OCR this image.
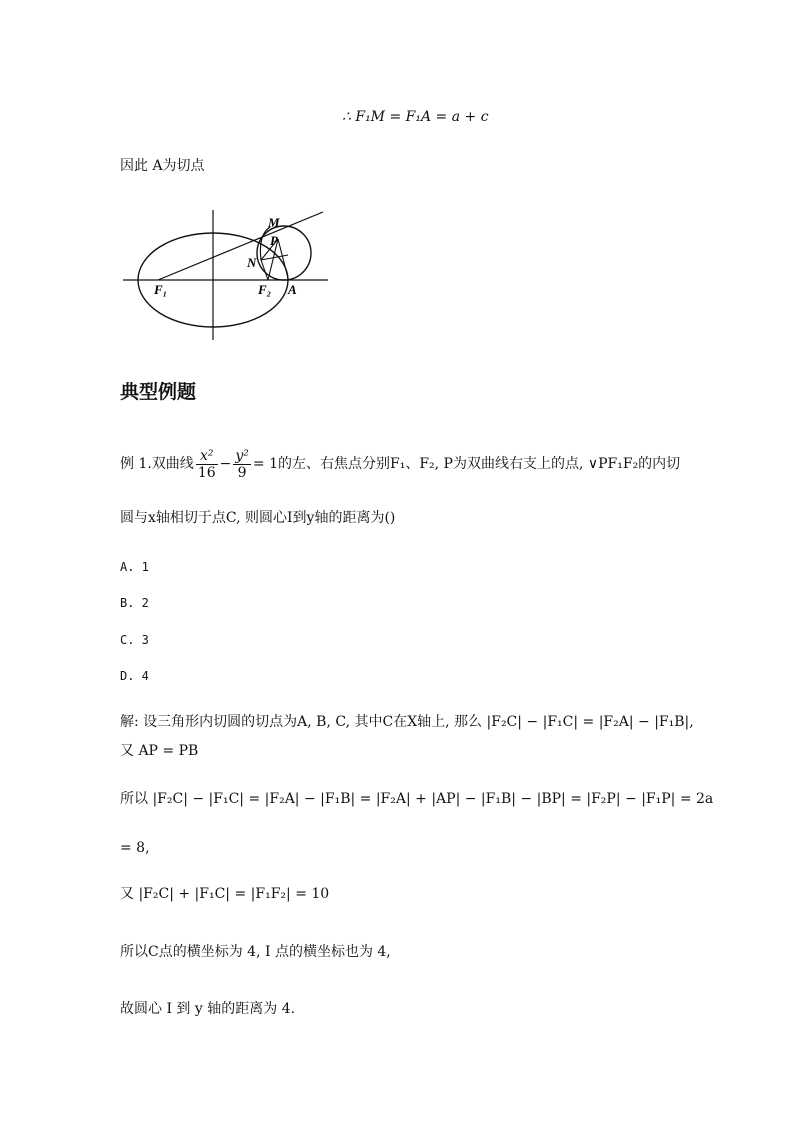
∴ F₁M = F₁A = a + c
因此 A为切点
M
P
N
F₁	F₂ A
典型例题
例 1.双曲线 $\frac{\text{x²}}{16} - \frac{\text{y²}}{9} = 1$的左、右焦点分别F₁、F₂, P为双曲线右支上的点, ∨PF₁F₂的内切
圆与x轴相切于点C, 则圆心I到y轴的距离为()
A. 1
B. 2
C. 3
D. 4
解: 设三角形内切圆的切点为A, B, C, 其中C在X轴上, 那么 |F₂C| − |F₁C| = |F₂A| − |F₁B|,
又 AP = PB
所以 |F₂C| − |F₁C| = |F₂A| − |F₁B| = |F₂A| + |AP| − |F₁B| − |BP| = |F₂P| − |F₁P| = 2a
= 8,
又 |F₂C| + |F₁C| = |F₁F₂| = 10
所以C点的横坐标为 4, I 点的横坐标也为 4,
故圆心 I 到 y 轴的距离为 4.
